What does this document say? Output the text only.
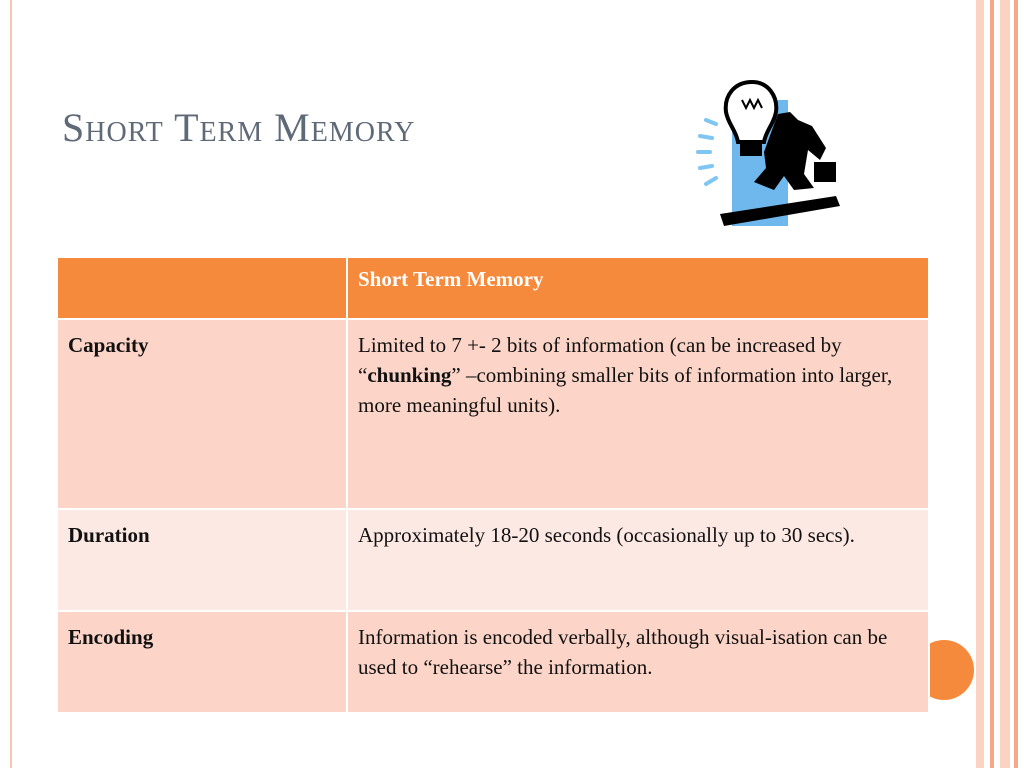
Short Term Memory
	Short Term Memory
Capacity	Limited to 7 +- 2 bits of information (can be increased by “chunking” –combining smaller bits of information into larger, more meaningful units).
Duration	Approximately 18-20 seconds (occasionally up to 30 secs).
Encoding	Information is encoded verbally, although visual-isation can be used to “rehearse” the information.
